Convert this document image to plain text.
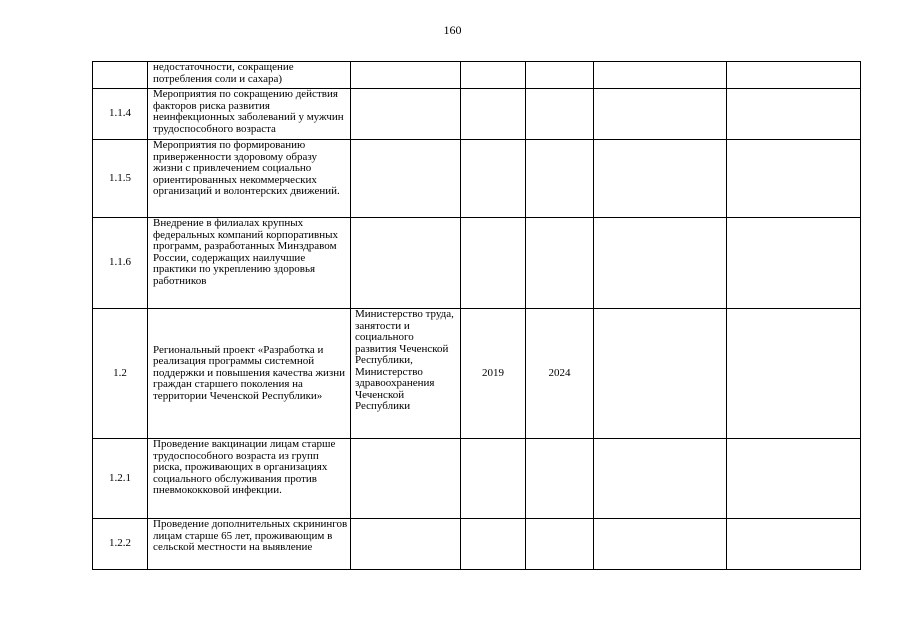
160
	недостаточности, сокращение потребления соли и сахара)					
1.1.4	Мероприятия по сокращению действия факторов риска развития неинфекционных заболеваний у мужчин трудоспособного возраста					
1.1.5	Мероприятия по формированию приверженности здоровому образу жизни с привлечением социально ориентированных некоммерческих организаций и волонтерских движений.					
1.1.6	Внедрение в филиалах крупных федеральных компаний корпоративных программ, разработанных Минздравом России, содержащих наилучшие практики по укреплению здоровья работников					
1.2	Региональный проект «Разработка и реализация программы системной поддержки и повышения качества жизни граждан старшего поколения на территории Чеченской Республики»	Министерство труда, занятости и социального развития Чеченской Республики, Министерство здравоохранения Чеченской Республики	2019	2024		
1.2.1	Проведение вакцинации лицам старше трудоспособного возраста из групп риска, проживающих в организациях социального обслуживания против пневмококковой инфекции.					
1.2.2	Проведение дополнительных скринингов лицам старше 65 лет, проживающим в сельской местности на выявление					
